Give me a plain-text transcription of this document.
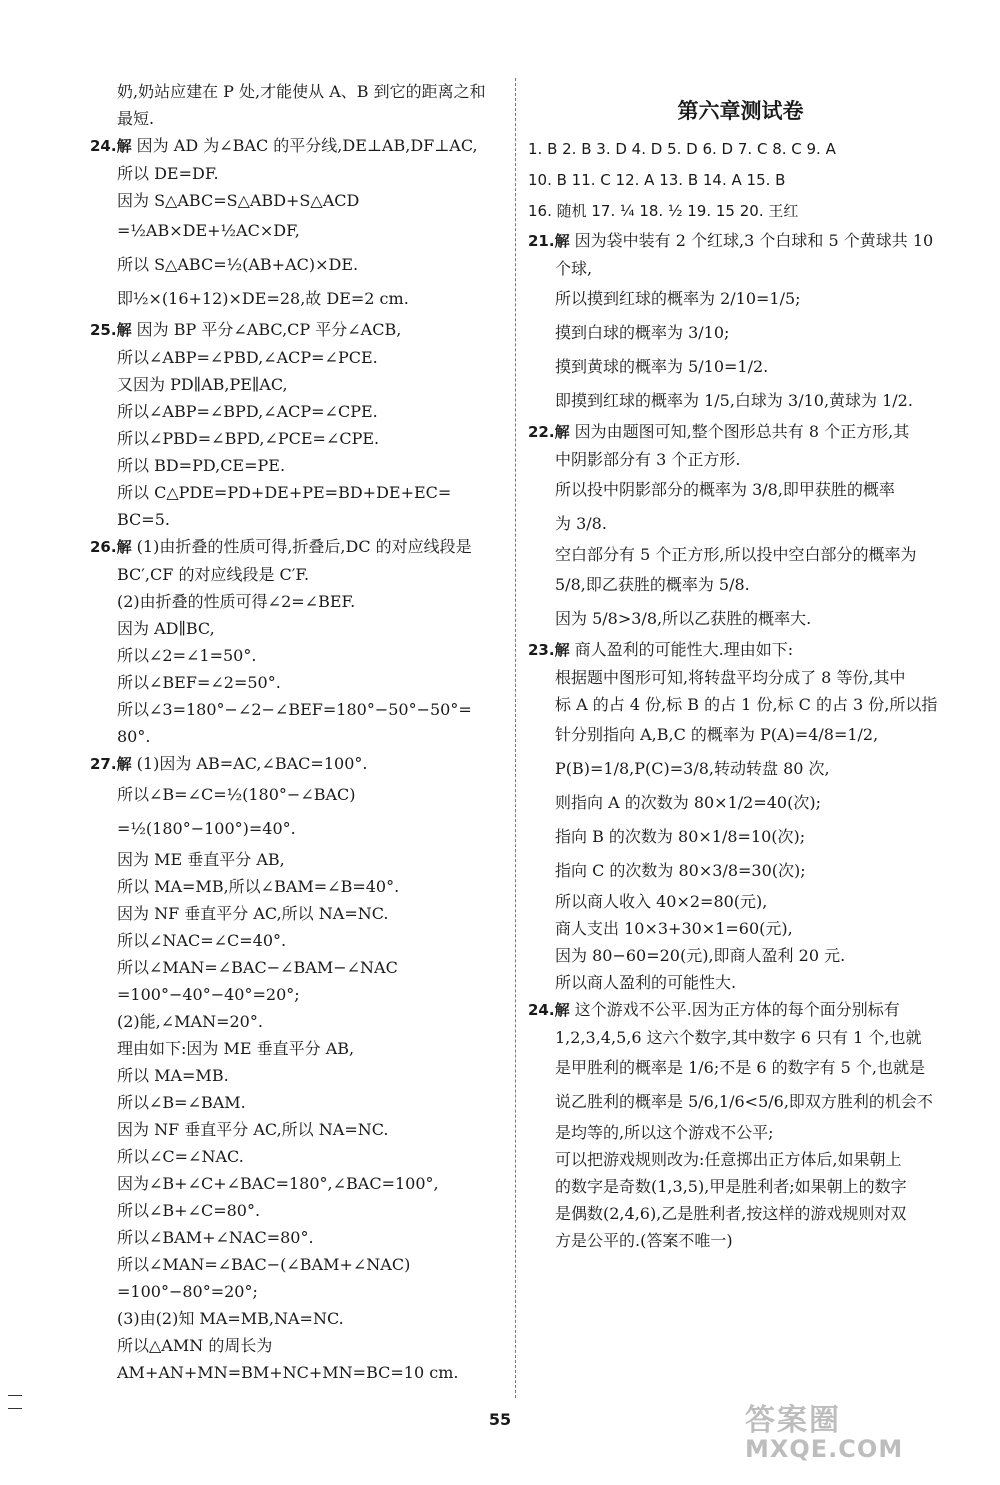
奶,奶站应建在 P 处,才能使从 A、B 到它的距离之和
最短.
24.解 因为 AD 为∠BAC 的平分线,DE⊥AB,DF⊥AC,
所以 DE=DF.
因为 S△ABC=S△ABD+S△ACD
=½AB×DE+½AC×DF,
所以 S△ABC=½(AB+AC)×DE.
即½×(16+12)×DE=28,故 DE=2 cm.
25.解 因为 BP 平分∠ABC,CP 平分∠ACB,
所以∠ABP=∠PBD,∠ACP=∠PCE.
又因为 PD∥AB,PE∥AC,
所以∠ABP=∠BPD,∠ACP=∠CPE.
所以∠PBD=∠BPD,∠PCE=∠CPE.
所以 BD=PD,CE=PE.
所以 C△PDE=PD+DE+PE=BD+DE+EC=
BC=5.
26.解 (1)由折叠的性质可得,折叠后,DC 的对应线段是
BC′,CF 的对应线段是 C′F.
(2)由折叠的性质可得∠2=∠BEF.
因为 AD∥BC,
所以∠2=∠1=50°.
所以∠BEF=∠2=50°.
所以∠3=180°−∠2−∠BEF=180°−50°−50°=
80°.
27.解 (1)因为 AB=AC,∠BAC=100°.
所以∠B=∠C=½(180°−∠BAC)
=½(180°−100°)=40°.
因为 ME 垂直平分 AB,
所以 MA=MB,所以∠BAM=∠B=40°.
因为 NF 垂直平分 AC,所以 NA=NC.
所以∠NAC=∠C=40°.
所以∠MAN=∠BAC−∠BAM−∠NAC
=100°−40°−40°=20°;
(2)能,∠MAN=20°.
理由如下:因为 ME 垂直平分 AB,
所以 MA=MB.
所以∠B=∠BAM.
因为 NF 垂直平分 AC,所以 NA=NC.
所以∠C=∠NAC.
因为∠B+∠C+∠BAC=180°,∠BAC=100°,
所以∠B+∠C=80°.
所以∠BAM+∠NAC=80°.
所以∠MAN=∠BAC−(∠BAM+∠NAC)
=100°−80°=20°;
(3)由(2)知 MA=MB,NA=NC.
所以△AMN 的周长为
AM+AN+MN=BM+NC+MN=BC=10 cm.
第六章测试卷
1. B 2. B 3. D 4. D 5. D 6. D 7. C 8. C 9. A
10. B 11. C 12. A 13. B 14. A 15. B
16. 随机 17. ¼ 18. ½ 19. 15 20. 王红
21.解 因为袋中装有 2 个红球,3 个白球和 5 个黄球共 10
个球,
所以摸到红球的概率为 2/10=1/5;
摸到白球的概率为 3/10;
摸到黄球的概率为 5/10=1/2.
即摸到红球的概率为 1/5,白球为 3/10,黄球为 1/2.
22.解 因为由题图可知,整个图形总共有 8 个正方形,其
中阴影部分有 3 个正方形.
所以投中阴影部分的概率为 3/8,即甲获胜的概率
为 3/8.
空白部分有 5 个正方形,所以投中空白部分的概率为
5/8,即乙获胜的概率为 5/8.
因为 5/8>3/8,所以乙获胜的概率大.
23.解 商人盈利的可能性大.理由如下:
根据题中图形可知,将转盘平均分成了 8 等份,其中
标 A 的占 4 份,标 B 的占 1 份,标 C 的占 3 份,所以指
针分别指向 A,B,C 的概率为 P(A)=4/8=1/2,
P(B)=1/8,P(C)=3/8,转动转盘 80 次,
则指向 A 的次数为 80×1/2=40(次);
指向 B 的次数为 80×1/8=10(次);
指向 C 的次数为 80×3/8=30(次);
所以商人收入 40×2=80(元),
商人支出 10×3+30×1=60(元),
因为 80−60=20(元),即商人盈利 20 元.
所以商人盈利的可能性大.
24.解 这个游戏不公平.因为正方体的每个面分别标有
1,2,3,4,5,6 这六个数字,其中数字 6 只有 1 个,也就
是甲胜利的概率是 1/6;不是 6 的数字有 5 个,也就是
说乙胜利的概率是 5/6,1/6<5/6,即双方胜利的机会不
是均等的,所以这个游戏不公平;
可以把游戏规则改为:任意掷出正方体后,如果朝上
的数字是奇数(1,3,5),甲是胜利者;如果朝上的数字
是偶数(2,4,6),乙是胜利者,按这样的游戏规则对双
方是公平的.(答案不唯一)
55	答案圈
MXQE.COM
